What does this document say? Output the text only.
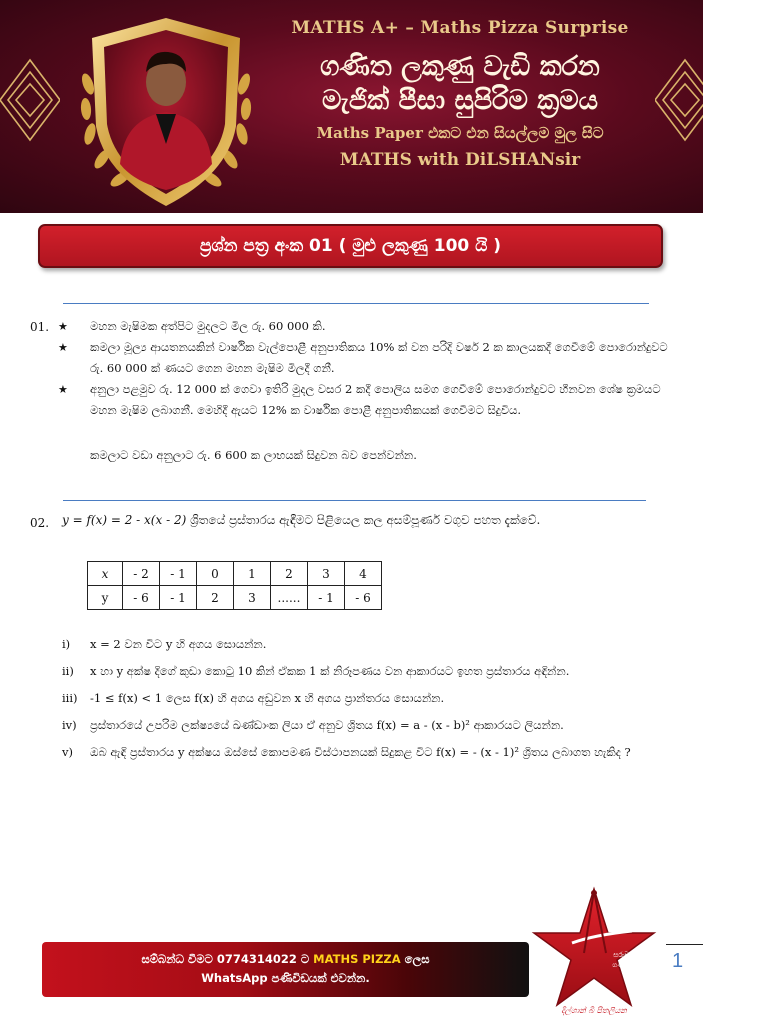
MATHS A+ – Maths Pizza Surprise
ගණිත ලකුණු වැඩි කරන
මැජික් පීසා සුපිරිම ක්‍රමය
Maths Paper එකට එන සියල්ලම මුල සිට
MATHS with DiLSHANsir
ප්‍රශ්න පත්‍ර අංක 01 ( මුළු ලකුණු 100 යි )
01. ★ මහන මැෂිමක අත්පිට මුදලට මිල රු. 60 000 කි.
★ කමලා මූල්‍ය ආයතනයකින් වාර්ෂික වැල්පොළී අනුපාතිකය 10% ක් වන පරිදි වර්ෂ 2 ක කාලයකදී ගෙවීමේ පොරොන්දුවට රු. 60 000 ක් ණයට ගෙන මහන මැෂිම මිලදී ගනී.
★ අනුලා පළමුව රු. 12 000 ක් ගෙවා ඉතිරි මුදල වසර 2 කදී පොලිය සමග ගෙවීමේ පොරොන්දුවට හීනවන ශේෂ ක්‍රමයට මහන මැෂිම ලබාගනී. මෙහිදී ඇයට 12% ක වාර්ෂික පොළී අනුපාතිකයක් ගෙවීමට සිදුවිය.
කමලාට වඩා අනුලාට රු. 6 600 ක ලාභයක් සිදුවන බව පෙන්වන්න.
02. y = f(x) = 2 - x(x - 2) ශ්‍රිතයේ ප්‍රස්තාරය ඇඳීමට පිළියෙල කල අසම්පූර්ණ වගුව පහත දැක්වේ.
x	- 2	- 1	0	1	2	3	4
y	- 6	- 1	2	3	......	- 1	- 6
i) x = 2 වන විට y හි අගය සොයන්න.
ii) x හා y අක්ෂ දිගේ කුඩා කොටු 10 කින් ඒකක 1 ක් නිරූපණය වන ආකාරයට ඉහත ප්‍රස්තාරය අඳින්න.
iii) -1 ≤ f(x) < 1 ලෙස f(x) හි අගය අඩුවන x හි අගය ප්‍රාන්තරය සොයන්න.
iv) ප්‍රස්තාරයේ උපරිම ලක්ෂ්‍යයේ ඛණ්ඩාංක ලියා ඒ අනුව ශ්‍රිතය f(x) = a - (x - b)² ආකාරයට ලියන්න.
v) ඔබ ඇඳි ප්‍රස්තාරය y අක්ෂය ඔස්සේ කොපමණ විස්ථාපනයක් සිදුකළ විට f(x) = - (x - 1)² ශ්‍රිතය ලබාගත හැකිද ?
සම්බන්ධ වීමට 0774314022 ට MATHS PIZZA ලෙස
WhatsApp පණිවිඩයක් එවන්න.
සරුවත්
ගණිතය
දිල්ශාන් බී පිතලියන
1
